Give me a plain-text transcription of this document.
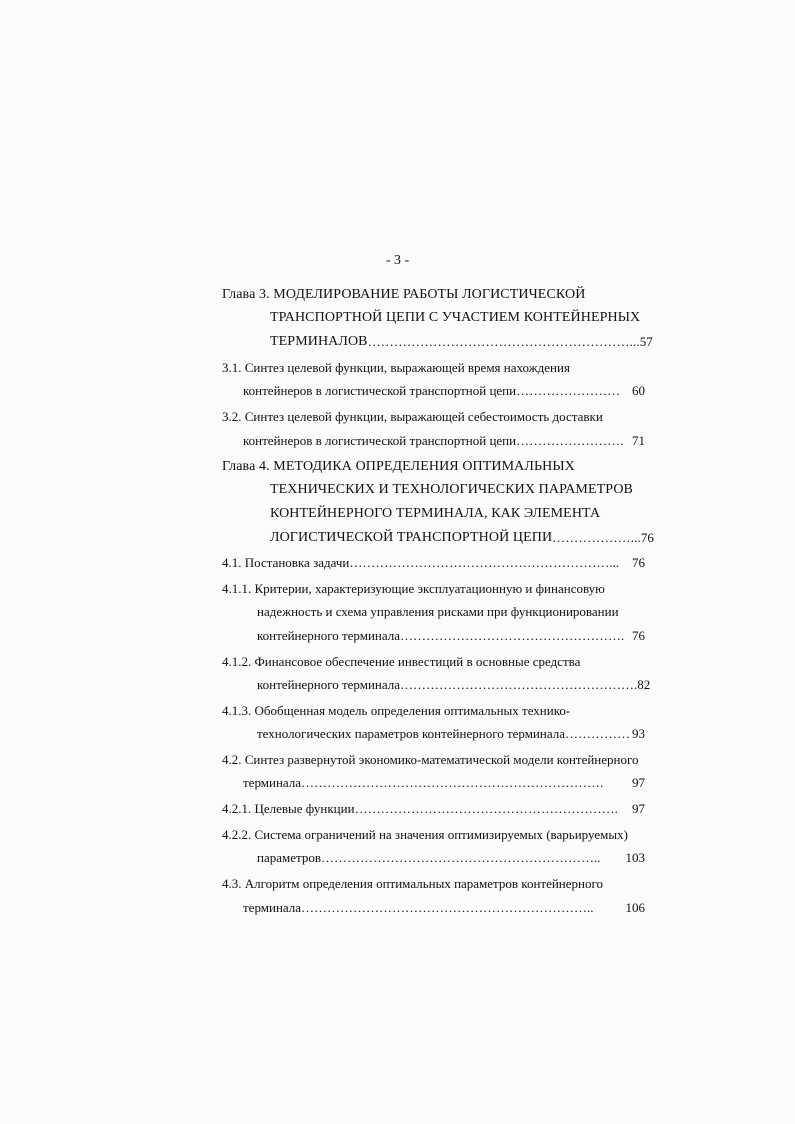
- 3 -
Глава 3. МОДЕЛИРОВАНИЕ РАБОТЫ ЛОГИСТИЧЕСКОЙ
ТРАНСПОРТНОЙ ЦЕПИ С УЧАСТИЕМ КОНТЕЙНЕРНЫХ
ТЕРМИНАЛОВ ……………………………………………………... 57
3.1. Синтез целевой функции, выражающей время нахождения
контейнеров в логистической транспортной цепи …………………… 60
3.2. Синтез целевой функции, выражающей себестоимость доставки
контейнеров в логистической транспортной цепи ……………………. 71
Глава 4. МЕТОДИКА ОПРЕДЕЛЕНИЯ ОПТИМАЛЬНЫХ
ТЕХНИЧЕСКИХ И ТЕХНОЛОГИЧЕСКИХ ПАРАМЕТРОВ
КОНТЕЙНЕРНОГО ТЕРМИНАЛА, КАК ЭЛЕМЕНТА
ЛОГИСТИЧЕСКОЙ ТРАНСПОРТНОЙ ЦЕПИ ………………... 76
4.1. Постановка задачи ……………………………………………………... 76
4.1.1. Критерии, характеризующие эксплуатационную и финансовую
надежность и схема управления рисками при функционировании
контейнерного терминала ……………………………………………. 76
4.1.2. Финансовое обеспечение инвестиций в основные средства
контейнерного терминала ………………………………………………. 82
4.1.3. Обобщенная модель определения оптимальных технико-
технологических параметров контейнерного терминала …………… 93
4.2. Синтез развернутой экономико-математической модели контейнерного
терминала …………………………………………………………….	97
4.2.1. Целевые функции …………………………………………………….	97
4.2.2. Система ограничений на значения оптимизируемых (варьируемых)
параметров ………………………………………………………..	103
4.3. Алгоритм определения оптимальных параметров контейнерного
терминала …………………………………………………………..	106
